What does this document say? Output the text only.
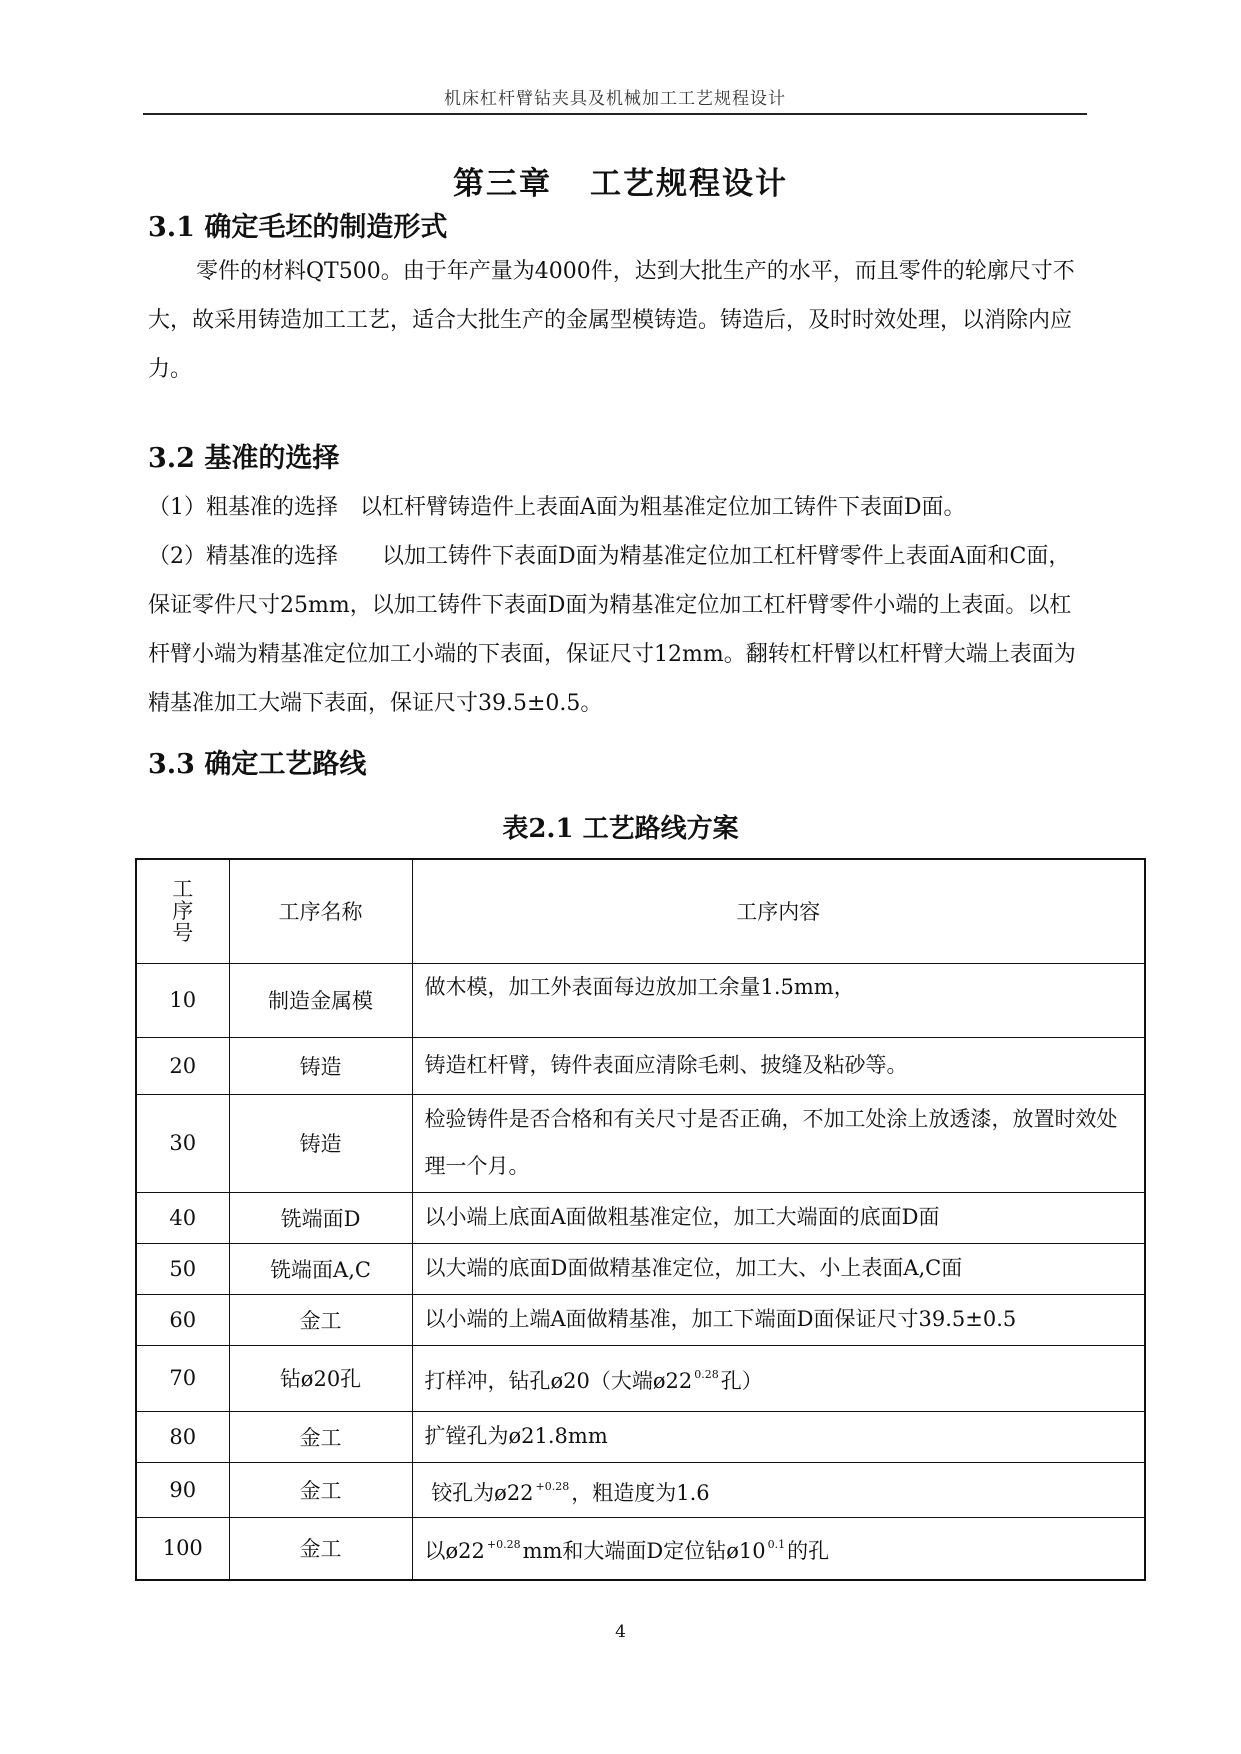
机床杠杆臂钻夹具及机械加工工艺规程设计
第三章 工艺规程设计
3.1 确定毛坯的制造形式

零件的材料QT500。由于年产量为4000件，达到大批生产的水平，而且零件的轮廓尺寸不大，故采用铸造加工工艺，适合大批生产的金属型模铸造。铸造后，及时时效处理，以消除内应力。

3.2 基准的选择

（1）粗基准的选择　以杠杆臂铸造件上表面A面为粗基准定位加工铸件下表面D面。

（2）精基准的选择　　以加工铸件下表面D面为精基准定位加工杠杆臂零件上表面A面和C面，保证零件尺寸25mm，以加工铸件下表面D面为精基准定位加工杠杆臂零件小端的上表面。以杠杆臂小端为精基准定位加工小端的下表面，保证尺寸12mm。翻转杠杆臂以杠杆臂大端上表面为精基准加工大端下表面，保证尺寸39.5±0.5。

3.3 确定工艺路线
表2.1 工艺路线方案
工序号	工序名称	工序内容
10	制造金属模	做木模，加工外表面每边放加工余量1.5mm，
20	铸造	铸造杠杆臂，铸件表面应清除毛刺、披缝及粘砂等。
30	铸造	检验铸件是否合格和有关尺寸是否正确，不加工处涂上放透漆，放置时效处理一个月。
40	铣端面D	以小端上底面A面做粗基准定位，加工大端面的底面D面
50	铣端面A,C	以大端的底面D面做精基准定位，加工大、小上表面A,C面
60	金工	以小端的上端A面做精基准，加工下端面D面保证尺寸39.5±0.5
70	钻ø20孔	打样冲，钻孔ø20（大端ø22 $^{0.28}$孔）
80	金工	扩镗孔为ø21.8mm
90	金工	铰孔为ø22 $^{+0.28}$，粗造度为1.6
100	金工	以ø22 $^{+0.28}$mm和大端面D定位钻ø10 $^{0.1}$的孔
4
